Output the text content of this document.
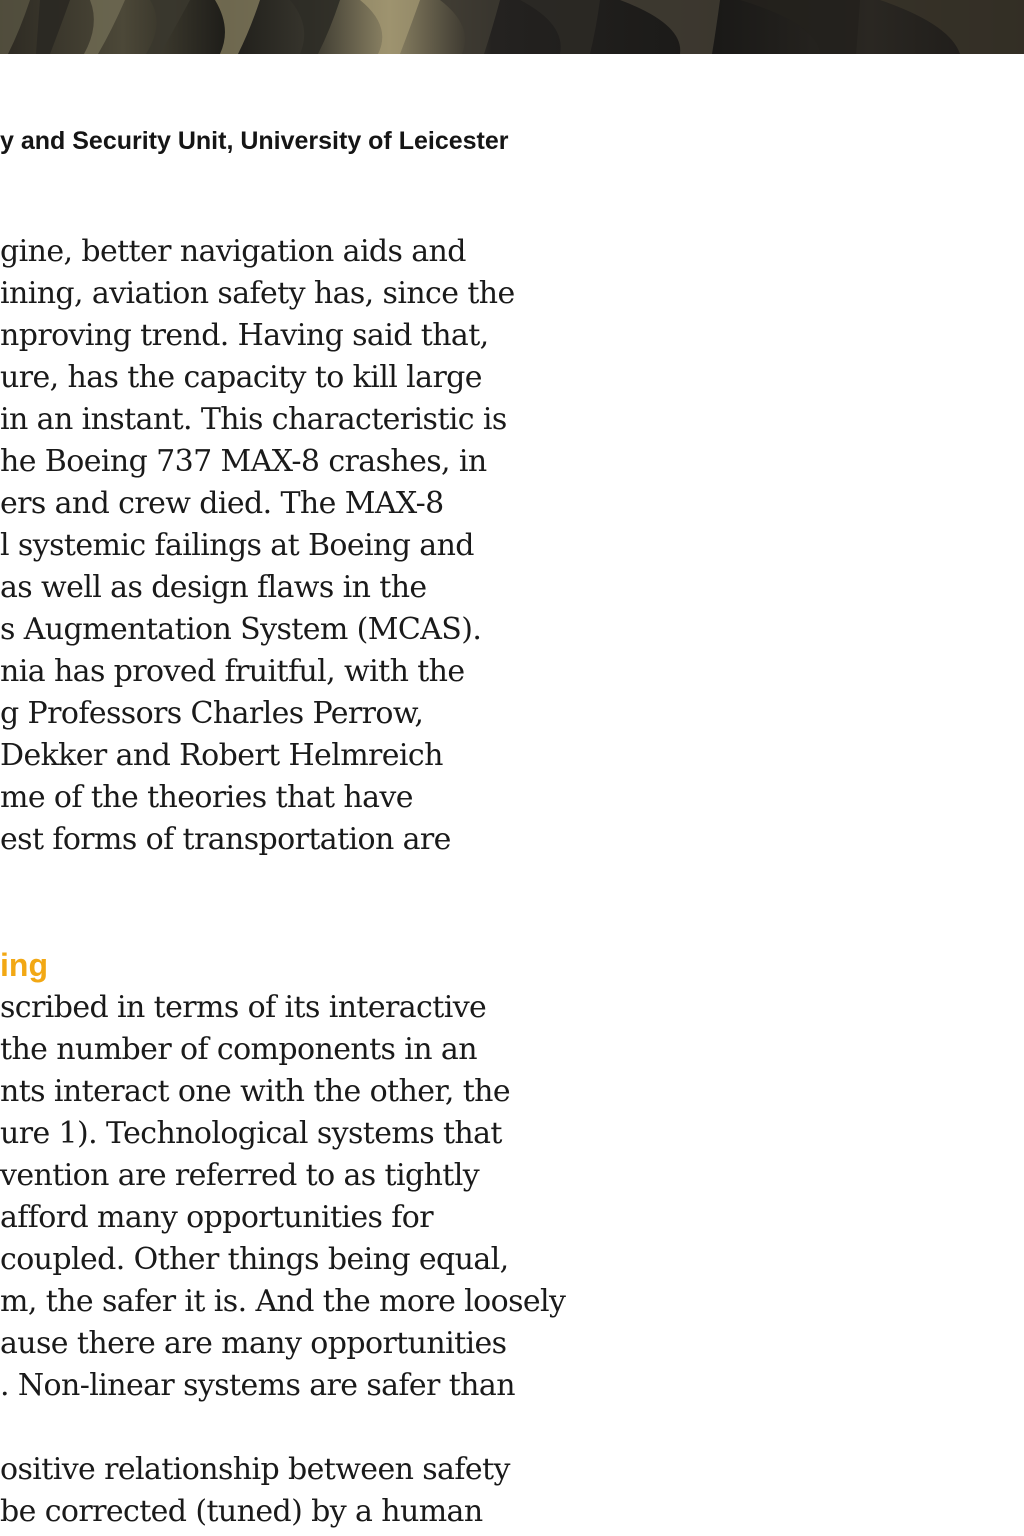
y and Security Unit, University of Leicester
gine, better navigation aids and
ining, aviation safety has, since the
nproving trend. Having said that,
ure, has the capacity to kill large
in an instant. This characteristic is
he Boeing 737 MAX-8 crashes, in
ers and crew died. The MAX-8
l systemic failings at Boeing and
as well as design flaws in the
s Augmentation System (MCAS).
nia has proved fruitful, with the
g Professors Charles Perrow,
Dekker and Robert Helmreich
me of the theories that have
est forms of transportation are
ing
scribed in terms of its interactive
the number of components in an
nts interact one with the other, the
ure 1). Technological systems that
vention are referred to as tightly
afford many opportunities for
coupled. Other things being equal,
m, the safer it is. And the more loosely
ause there are many opportunities
. Non-linear systems are safer than
ositive relationship between safety
be corrected (tuned) by a human
